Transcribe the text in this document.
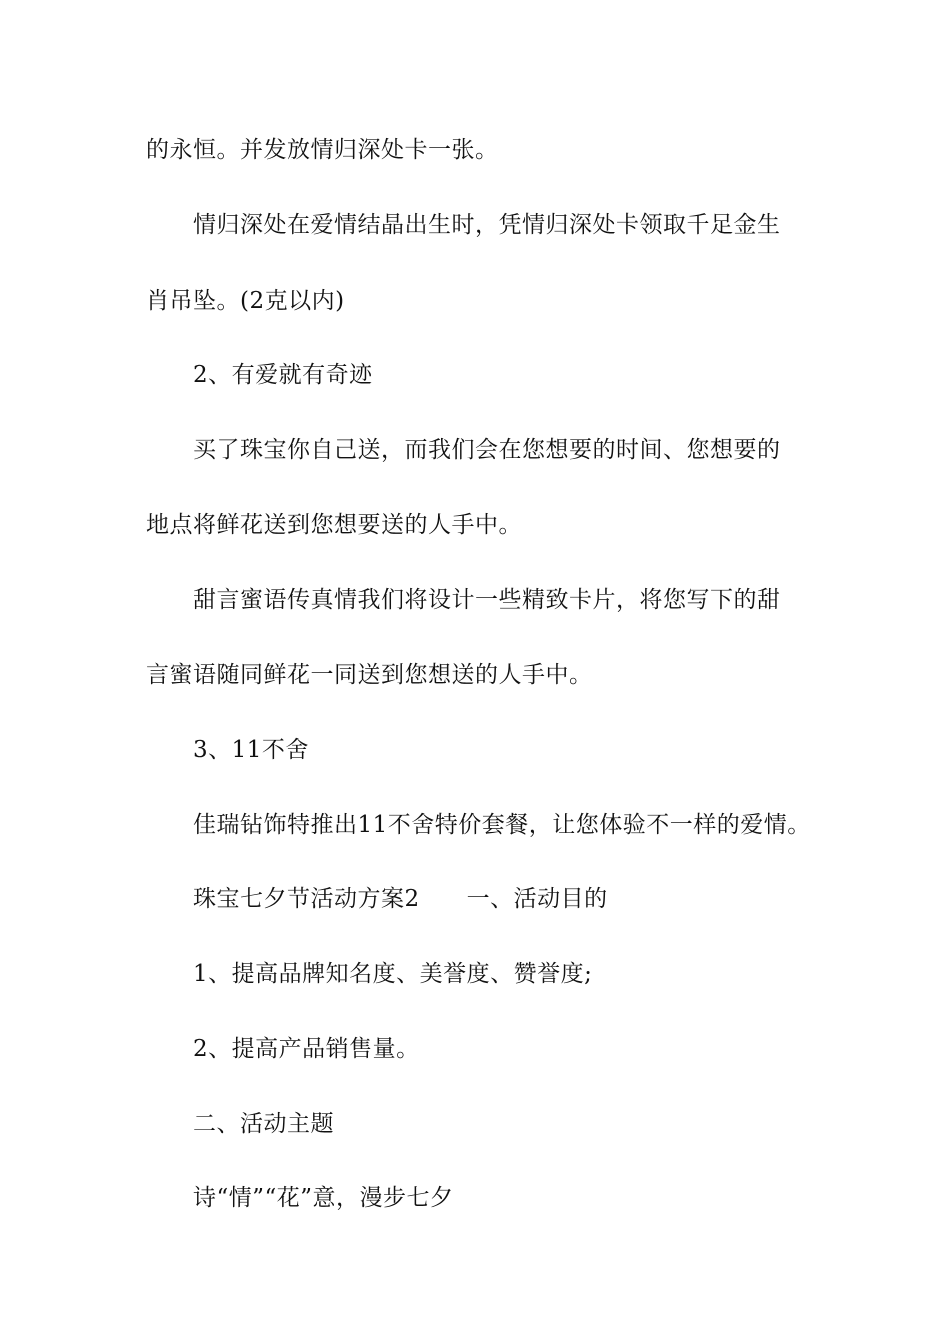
的永恒。并发放情归深处卡一张。
情归深处在爱情结晶出生时，凭情归深处卡领取千足金生
肖吊坠。(2克以内)
2、有爱就有奇迹
买了珠宝你自己送，而我们会在您想要的时间、您想要的
地点将鲜花送到您想要送的人手中。
甜言蜜语传真情我们将设计一些精致卡片，将您写下的甜
言蜜语随同鲜花一同送到您想送的人手中。
3、11不舍
佳瑞钻饰特推出11不舍特价套餐，让您体验不一样的爱情。
珠宝七夕节活动方案2　　一、活动目的
1、提高品牌知名度、美誉度、赞誉度;
2、提高产品销售量。
二、活动主题
诗“情”“花”意，漫步七夕
